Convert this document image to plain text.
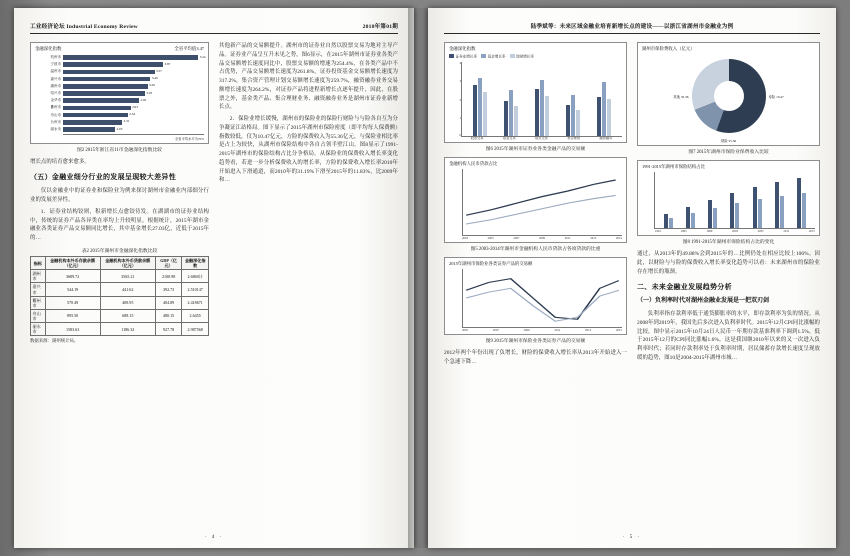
工业经济论坛 Industrial Economy Review	2018年第01期
金融深化指数	全省平均值3.47
杭州市	5.24
宁波市	3.87
温州市	3.57
嘉兴市	3.40
湖州市	3.29
绍兴市	3.18
金华市	2.95
衢州市	2.63
舟山市	2.54
台州市	2.31
丽水市	2.05
· 全省平均水平为70%
图2 2015年浙江省11市金融深化指数比较

增长点的培育愈来愈多。

（五）金融业细分行业的发展呈现较大差异性

仅以金融业中的证券业和保险业为例来探讨湖州市金融业内部细分行业的发展差异性。

1．证券业结构铰则，积新增长点愈铰待发。在湖湖市的证券业结构中，传统的证券产品各异类在率均上升较明显。根据统计，2015年湖市金融业各类证券产品交易额同比增长，其中基金增长27.03亿，近低于2015年的…

表2 2015年湖州市金融深化指数比较
指标	金融机构本外币存款余额（亿元）	金融机构本外币贷款余额（亿元）	GDP（亿元）	金融深化指数
湖州市	3689.72	3565.21	2100.98	2.6860计
嘉兴市	544.19	441.62	392.73	2.510147
衢州市	570.49	408.95	404.89	2.418671
舟山市	895.50	688.15	480.15	2.6455
丽水市	1583.63	1186.32	927.78	2.987568
数据来源：湖州统计局。

其他新产品的交易额提升。湖州市的证券业自然以股票交易为地对主导产品。证券业产品呈互升未见之势，图6显示，在2015年湖州市证券业各类产品交易额增长速度同比中，股票交易额的增速为254.4%，在各类产品中不占优势，产品交易额增长速度为261.8%，证券投资基金交易额增长速度为317.2%，集合资产管理计划交易额增长速度为259.7%，融资融券业务交易额增长速度为264.2%，对证券产品将进程新增长点逐年提升，因此，在股票之外，基金类产品、集合理财业务、融资融券业务是湖州市证券业新增长点。

2．保险业增长缓慢，湖州市的保险业的保险行财险与与险各自互为分争凝证江站格局。图下显示了2015年湖州市保险密度（即平均每人保费额）指数较低，仅为10.47亿元，方险的保费收入为55.36亿元，与保险业相比率是占上为较快，从湖州市保险结构中各自占领半壁江山。图8显示了1991-2015年湖州市的保险结构占比分争格局。从保险业的保费收入增长率变化趋势看，若进一步分析保费收入的增长率，方险的保费收入增长率2010年开始进入下滑通道，而2010年的31.19%下滑至2015年的11.83%，比2009年和…

· 4 ·
陆季斌等：未来区域金融业培育新增长点的建设——以浙江省湖州市金融业为例
金融深化指数
证券业增长率	基金增长率	理财增长率
4
3
2
1
0
股票交易	基金交易	债券交易	集合理财	融资融券
图6 2015年湖州市证券业各类金融产品的交易额
金融机构人民币贷款占比
2003	2005	2007	2009	2011	2013	2014
图5 2003-2014年湖州市金融机构人民币贷款占各项贷款的比重
2015年湖州市保险业各类证券产品的交易额
2005	2007	2009	2011	2013	2015
图9 2015年湖州市保险业各类证券产品的交易额

2012年两个年份出现了负增长，财险的保费收入增长率从2013年开始进入一个急速下降…

湖州市保险费收入（亿元）
其他 35.36	寿险 10.47
财险 55.36
图7 2015年湖州市保险业保费收入比较
1991-2015年湖州市保险结构占比
1991	1995	1999	2003	2007	2011	2015
图8 1991-2015年湖州市保险结构占比的变化

通过，从2013年的49.88%会到2015年的…比例仍处在相应比较上106%。因此，以财险与与险的保费收入增长率变化趋势可以看：未来湖州市的保险业存在增长的瓶颈。

二、未来金融业发展趋势分析
（一）负利率时代对湖州金融业发展是一把双刃剑

负利率指存款利率低于通货膨胀率的水平，即存款利率为负的情况。从2008年到2019年，我国先后多次进入负利率时代。2015年12月CPI同比涨幅的比较，图中显示2015年10月24日人民币一年期存款基准利率下调到1.5%，低于2015年12月的CPI同比涨幅1.6%，这是我国继2010年以来的又一次进入负利率时代；若同时存款利率处于负利率时期，居民储蓄存款增长速度呈现放缓的趋势，图10是2004-2015年湖州市城…

· 5 ·
